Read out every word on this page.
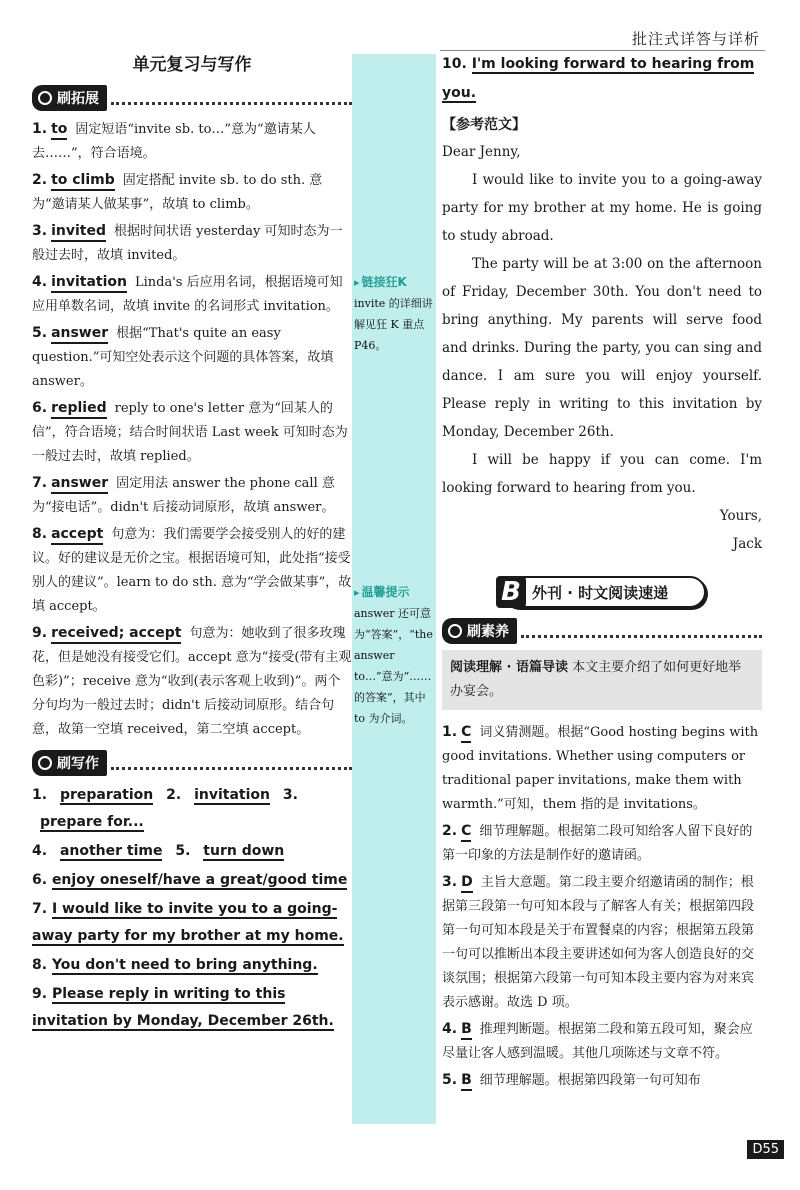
批注式详答与详析
▸ 链接狂K
invite 的详细讲解见狂 K 重点 P46。
▸ 温馨提示
answer 还可意为“答案”，“the answer to…”意为“……的答案”，其中 to 为介词。
单元复习与写作
刷拓展
1. to 固定短语“invite sb. to…”意为“邀请某人去……”，符合语境。
2. to climb 固定搭配 invite sb. to do sth. 意为“邀请某人做某事”，故填 to climb。
3. invited 根据时间状语 yesterday 可知时态为一般过去时，故填 invited。
4. invitation Linda's 后应用名词，根据语境可知应用单数名词，故填 invite 的名词形式 invitation。
5. answer 根据“That's quite an easy question.”可知空处表示这个问题的具体答案，故填 answer。
6. replied reply to one's letter 意为“回某人的信”，符合语境；结合时间状语 Last week 可知时态为一般过去时，故填 replied。
7. answer 固定用法 answer the phone call 意为“接电话”。didn't 后接动词原形，故填 answer。
8. accept 句意为：我们需要学会接受别人的好的建议。好的建议是无价之宝。根据语境可知，此处指“接受别人的建议”。learn to do sth. 意为“学会做某事”，故填 accept。
9. received; accept 句意为：她收到了很多玫瑰花，但是她没有接受它们。accept 意为“接受(带有主观色彩)”；receive 意为“收到(表示客观上收到)”。两个分句均为一般过去时；didn't 后接动词原形。结合句意，故第一空填 received，第二空填 accept。
刷写作
1. preparation 2. invitation 3. prepare for...
4. another time 5. turn down
6. enjoy oneself/have a great/good time
7. I would like to invite you to a going-away party for my brother at my home.
8. You don't need to bring anything.
9. Please reply in writing to this invitation by Monday, December 26th.
10. I'm looking forward to hearing from you.
【参考范文】

Dear Jenny,

I would like to invite you to a going-away party for my brother at my home. He is going to study abroad.

The party will be at 3:00 on the afternoon of Friday, December 30th. You don't need to bring anything. My parents will serve food and drinks. During the party, you can sing and dance. I am sure you will enjoy yourself. Please reply in writing to this invitation by Monday, December 26th.

I will be happy if you can come. I'm looking forward to hearing from you.

Yours,

Jack

B 外刊 · 时文阅读速递
刷素养
阅读理解 · 语篇导读 本文主要介绍了如何更好地举办宴会。
1. C 词义猜测题。根据“Good hosting begins with good invitations. Whether using computers or traditional paper invitations, make them with warmth.”可知，them 指的是 invitations。
2. C 细节理解题。根据第二段可知给客人留下良好的第一印象的方法是制作好的邀请函。
3. D 主旨大意题。第二段主要介绍邀请函的制作；根据第三段第一句可知本段与了解客人有关；根据第四段第一句可知本段是关于布置餐桌的内容；根据第五段第一句可以推断出本段主要讲述如何为客人创造良好的交谈氛围；根据第六段第一句可知本段主要内容为对来宾表示感谢。故选 D 项。
4. B 推理判断题。根据第二段和第五段可知，聚会应尽量让客人感到温暖。其他几项陈述与文章不符。
5. B 细节理解题。根据第四段第一句可知布
D55
